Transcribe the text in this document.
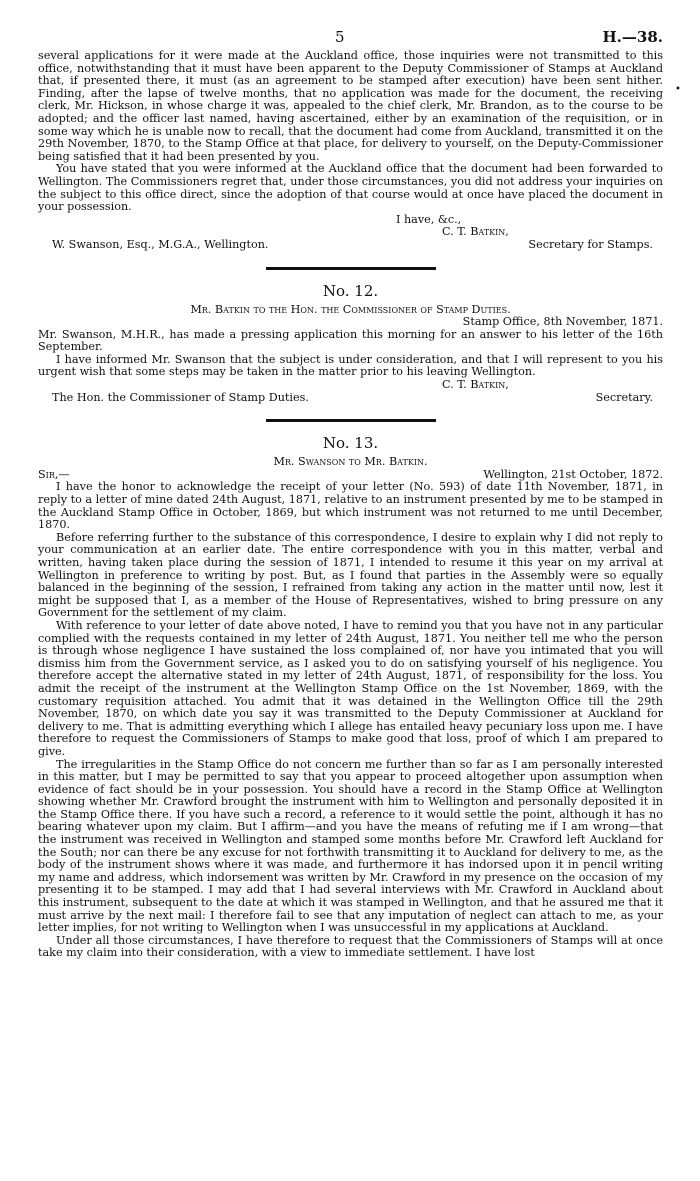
•
5	H.—38.

several applications for it were made at the Auckland office, those inquiries were not transmitted to this office, notwithstanding that it must have been apparent to the Deputy Commissioner of Stamps at Auckland that, if presented there, it must (as an agreement to be stamped after execution) have been sent hither. Finding, after the lapse of twelve months, that no application was made for the document, the receiving clerk, Mr. Hickson, in whose charge it was, appealed to the chief clerk, Mr. Brandon, as to the course to be adopted; and the officer last named, having ascertained, either by an examination of the requisition, or in some way which he is unable now to recall, that the document had come from Auckland, transmitted it on the 29th November, 1870, to the Stamp Office at that place, for delivery to yourself, on the Deputy-Commissioner being satisfied that it had been presented by you.

You have stated that you were informed at the Auckland office that the document had been forwarded to Wellington. The Commissioners regret that, under those circumstances, you did not address your inquiries on the subject to this office direct, since the adoption of that course would at once have placed the document in your possession.

I have, &c.,
C. T. Batkin,
W. Swanson, Esq., M.G.A., Wellington.	Secretary for Stamps.
No. 12.
Mr. Batkin to the Hon. the Commissioner of Stamp Duties.
Stamp Office, 8th November, 1871.

Mr. Swanson, M.H.R., has made a pressing application this morning for an answer to his letter of the 16th September.

I have informed Mr. Swanson that the subject is under consideration, and that I will represent to you his urgent wish that some steps may be taken in the matter prior to his leaving Wellington.

C. T. Batkin,
The Hon. the Commissioner of Stamp Duties.	Secretary.
No. 13.
Mr. Swanson to Mr. Batkin.
Sir,—	Wellington, 21st October, 1872.

I have the honor to acknowledge the receipt of your letter (No. 593) of date 11th November, 1871, in reply to a letter of mine dated 24th August, 1871, relative to an instrument presented by me to be stamped in the Auckland Stamp Office in October, 1869, but which instrument was not returned to me until December, 1870.

Before referring further to the substance of this correspondence, I desire to explain why I did not reply to your communication at an earlier date. The entire correspondence with you in this matter, verbal and written, having taken place during the session of 1871, I intended to resume it this year on my arrival at Wellington in preference to writing by post. But, as I found that parties in the Assembly were so equally balanced in the beginning of the session, I refrained from taking any action in the matter until now, lest it might be supposed that I, as a member of the House of Representatives, wished to bring pressure on any Government for the settlement of my claim.

With reference to your letter of date above noted, I have to remind you that you have not in any particular complied with the requests contained in my letter of 24th August, 1871. You neither tell me who the person is through whose negligence I have sustained the loss complained of, nor have you intimated that you will dismiss him from the Government service, as I asked you to do on satisfying yourself of his negligence. You therefore accept the alternative stated in my letter of 24th August, 1871, of responsibility for the loss. You admit the receipt of the instrument at the Wellington Stamp Office on the 1st November, 1869, with the customary requisition attached. You admit that it was detained in the Wellington Office till the 29th November, 1870, on which date you say it was transmitted to the Deputy Commissioner at Auckland for delivery to me. That is admitting everything which I allege has entailed heavy pecuniary loss upon me. I have therefore to request the Commissioners of Stamps to make good that loss, proof of which I am prepared to give.

The irregularities in the Stamp Office do not concern me further than so far as I am personally interested in this matter, but I may be permitted to say that you appear to proceed altogether upon assumption when evidence of fact should be in your possession. You should have a record in the Stamp Office at Wellington showing whether Mr. Crawford brought the instrument with him to Wellington and personally deposited it in the Stamp Office there. If you have such a record, a reference to it would settle the point, although it has no bearing whatever upon my claim. But I affirm—and you have the means of refuting me if I am wrong—that the instrument was received in Wellington and stamped some months before Mr. Crawford left Auckland for the South; nor can there be any excuse for not forthwith transmitting it to Auckland for delivery to me, as the body of the instrument shows where it was made, and furthermore it has indorsed upon it in pencil writing my name and address, which indorsement was written by Mr. Crawford in my presence on the occasion of my presenting it to be stamped. I may add that I had several interviews with Mr. Crawford in Auckland about this instrument, subsequent to the date at which it was stamped in Wellington, and that he assured me that it must arrive by the next mail: I therefore fail to see that any imputation of neglect can attach to me, as your letter implies, for not writing to Wellington when I was unsuccessful in my applications at Auckland.

Under all those circumstances, I have therefore to request that the Commissioners of Stamps will at once take my claim into their consideration, with a view to immediate settlement. I have lost
